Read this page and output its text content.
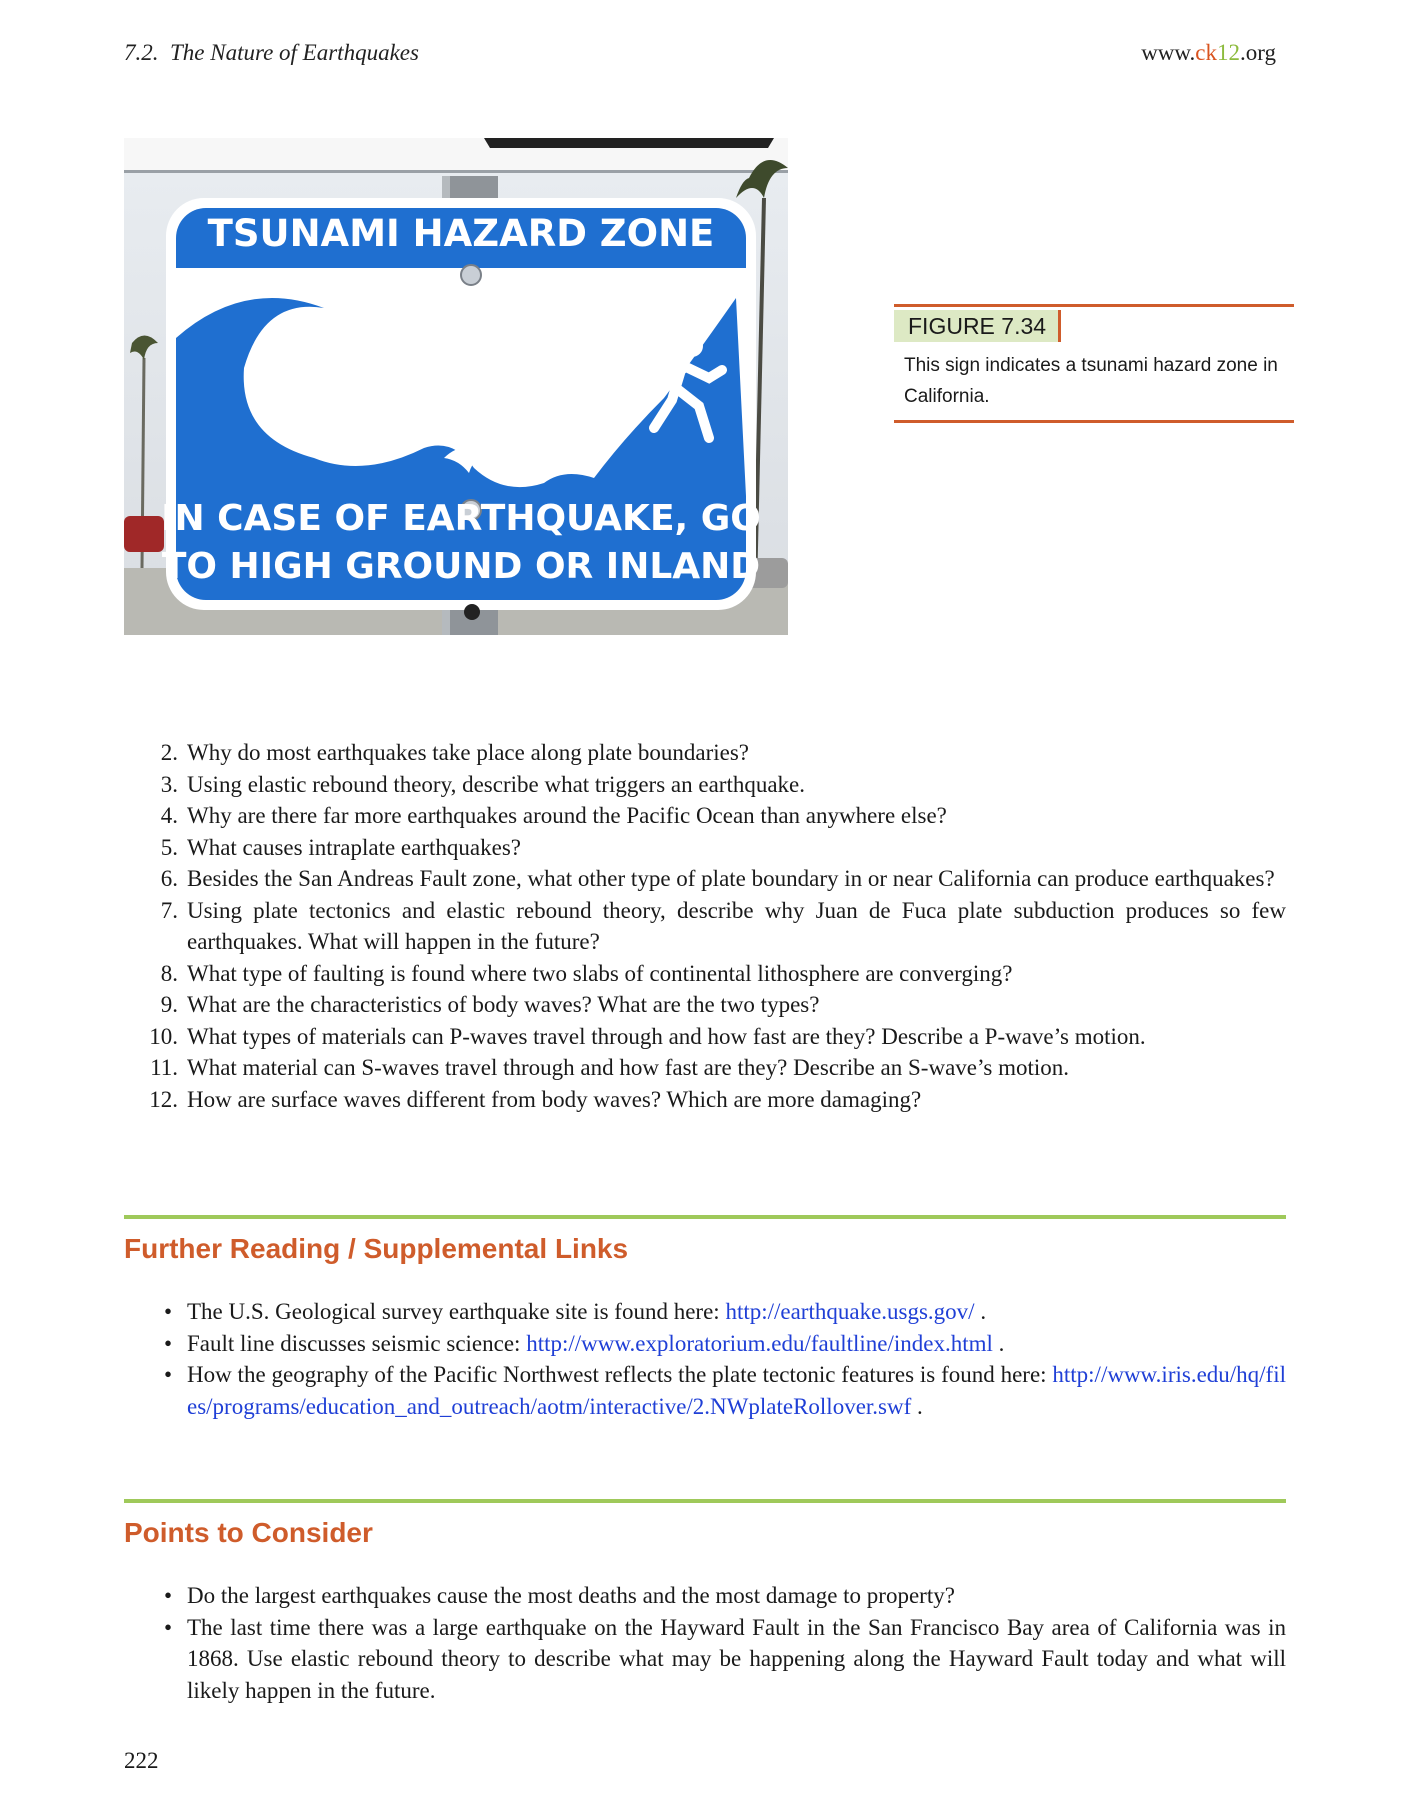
7.2. The Nature of Earthquakes	www.ck12.org
TSUNAMI HAZARD ZONE
IN CASE OF EARTHQUAKE, GO
TO HIGH GROUND OR INLAND
FIGURE 7.34
This sign indicates a tsunami hazard zone in California.
2. Why do most earthquakes take place along plate boundaries?
3. Using elastic rebound theory, describe what triggers an earthquake.
4. Why are there far more earthquakes around the Pacific Ocean than anywhere else?
5. What causes intraplate earthquakes?
6. Besides the San Andreas Fault zone, what other type of plate boundary in or near California can produce earthquakes?
7. Using plate tectonics and elastic rebound theory, describe why Juan de Fuca plate subduction produces so few earthquakes. What will happen in the future?
8. What type of faulting is found where two slabs of continental lithosphere are converging?
9. What are the characteristics of body waves? What are the two types?
10. What types of materials can P-waves travel through and how fast are they? Describe a P-wave’s motion.
11. What material can S-waves travel through and how fast are they? Describe an S-wave’s motion.
12. How are surface waves different from body waves? Which are more damaging?
Further Reading / Supplemental Links
• The U.S. Geological survey earthquake site is found here: http://earthquake.usgs.gov/ .
• Fault line discusses seismic science: http://www.exploratorium.edu/faultline/index.html .
• How the geography of the Pacific Northwest reflects the plate tectonic features is found here: http://www.iris.edu/hq/files/programs/education_and_outreach/aotm/interactive/2.NWplateRollover.swf .
Points to Consider
• Do the largest earthquakes cause the most deaths and the most damage to property?
• The last time there was a large earthquake on the Hayward Fault in the San Francisco Bay area of California was in 1868. Use elastic rebound theory to describe what may be happening along the Hayward Fault today and what will likely happen in the future.
222
